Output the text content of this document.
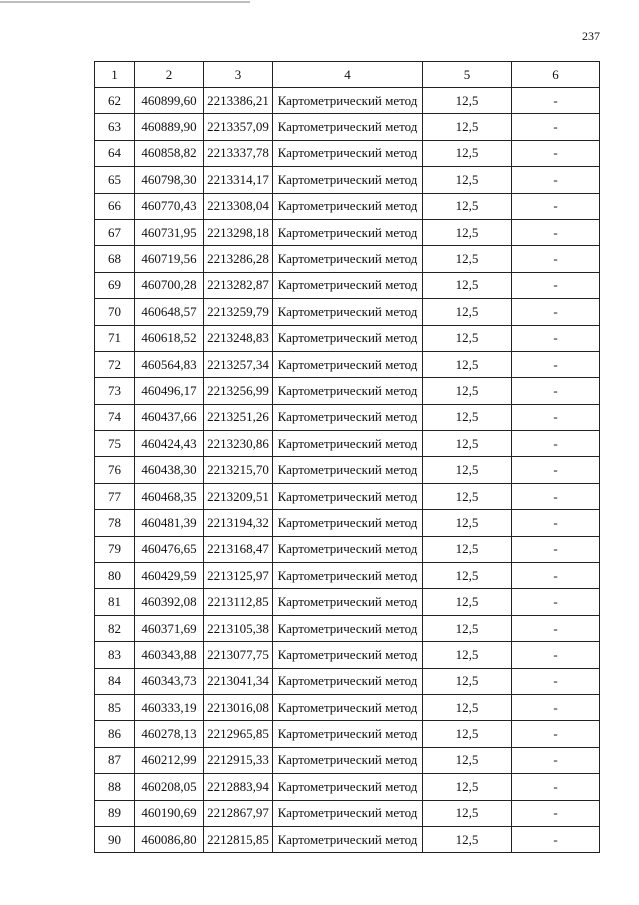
237
1	2	3	4	5	6
62	460899,60	2213386,21	Картометрический метод	12,5	-
63	460889,90	2213357,09	Картометрический метод	12,5	-
64	460858,82	2213337,78	Картометрический метод	12,5	-
65	460798,30	2213314,17	Картометрический метод	12,5	-
66	460770,43	2213308,04	Картометрический метод	12,5	-
67	460731,95	2213298,18	Картометрический метод	12,5	-
68	460719,56	2213286,28	Картометрический метод	12,5	-
69	460700,28	2213282,87	Картометрический метод	12,5	-
70	460648,57	2213259,79	Картометрический метод	12,5	-
71	460618,52	2213248,83	Картометрический метод	12,5	-
72	460564,83	2213257,34	Картометрический метод	12,5	-
73	460496,17	2213256,99	Картометрический метод	12,5	-
74	460437,66	2213251,26	Картометрический метод	12,5	-
75	460424,43	2213230,86	Картометрический метод	12,5	-
76	460438,30	2213215,70	Картометрический метод	12,5	-
77	460468,35	2213209,51	Картометрический метод	12,5	-
78	460481,39	2213194,32	Картометрический метод	12,5	-
79	460476,65	2213168,47	Картометрический метод	12,5	-
80	460429,59	2213125,97	Картометрический метод	12,5	-
81	460392,08	2213112,85	Картометрический метод	12,5	-
82	460371,69	2213105,38	Картометрический метод	12,5	-
83	460343,88	2213077,75	Картометрический метод	12,5	-
84	460343,73	2213041,34	Картометрический метод	12,5	-
85	460333,19	2213016,08	Картометрический метод	12,5	-
86	460278,13	2212965,85	Картометрический метод	12,5	-
87	460212,99	2212915,33	Картометрический метод	12,5	-
88	460208,05	2212883,94	Картометрический метод	12,5	-
89	460190,69	2212867,97	Картометрический метод	12,5	-
90	460086,80	2212815,85	Картометрический метод	12,5	-
